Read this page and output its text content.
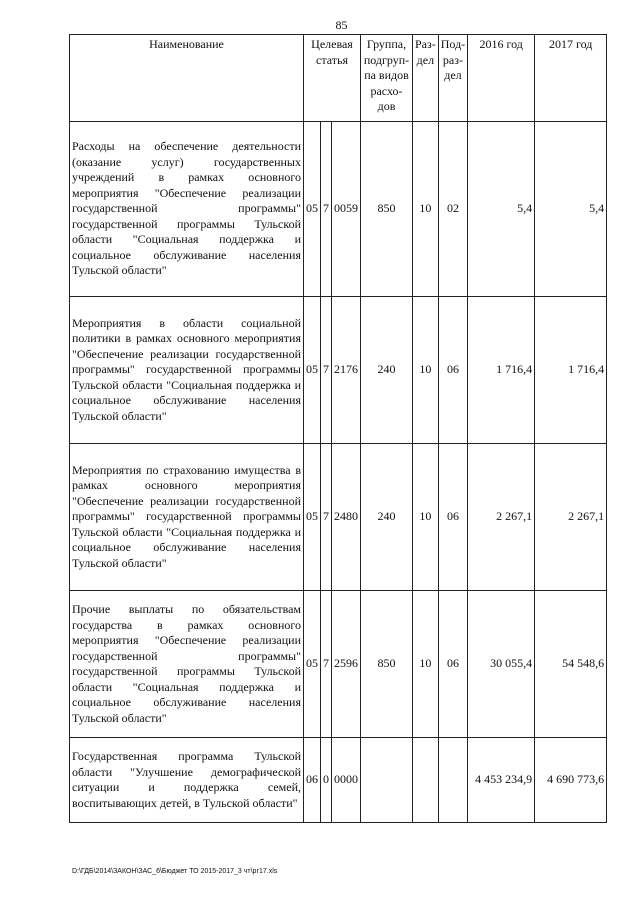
85
Наименование	Целевая статья			Группа, подгруп-па видов расхо-дов	Раз-дел	Под-раз-дел	2016 год	2017 год
Расходы на обеспечение деятельности (оказание услуг) государственных учреждений в рамках основного мероприятия "Обеспечение реализации государственной программы" государственной программы Тульской области "Социальная поддержка и социальное обслуживание населения Тульской области"	05	7	0059	850	10	02	5,4	5,4
Мероприятия в области социальной политики в рамках основного мероприятия "Обеспечение реализации государственной программы" государственной программы Тульской области "Социальная поддержка и социальное обслуживание населения Тульской области"	05	7	2176	240	10	06	1 716,4	1 716,4
Мероприятия по страхованию имущества в рамках основного мероприятия "Обеспечение реализации государственной программы" государственной программы Тульской области "Социальная поддержка и социальное обслуживание населения Тульской области"	05	7	2480	240	10	06	2 267,1	2 267,1
Прочие выплаты по обязательствам государства в рамках основного мероприятия "Обеспечение реализации государственной программы" государственной программы Тульской области "Социальная поддержка и социальное обслуживание населения Тульской области"	05	7	2596	850	10	06	30 055,4	54 548,6
Государственная программа Тульской области "Улучшение демографической ситуации и поддержка семей, воспитывающих детей, в Тульской области"	06	0	0000				4 453 234,9	4 690 773,6
D:\ГДБ\2014\ЗАКОН\ЗАС_6\Бюджет ТО 2015-2017_3 чт\рг17.xls
